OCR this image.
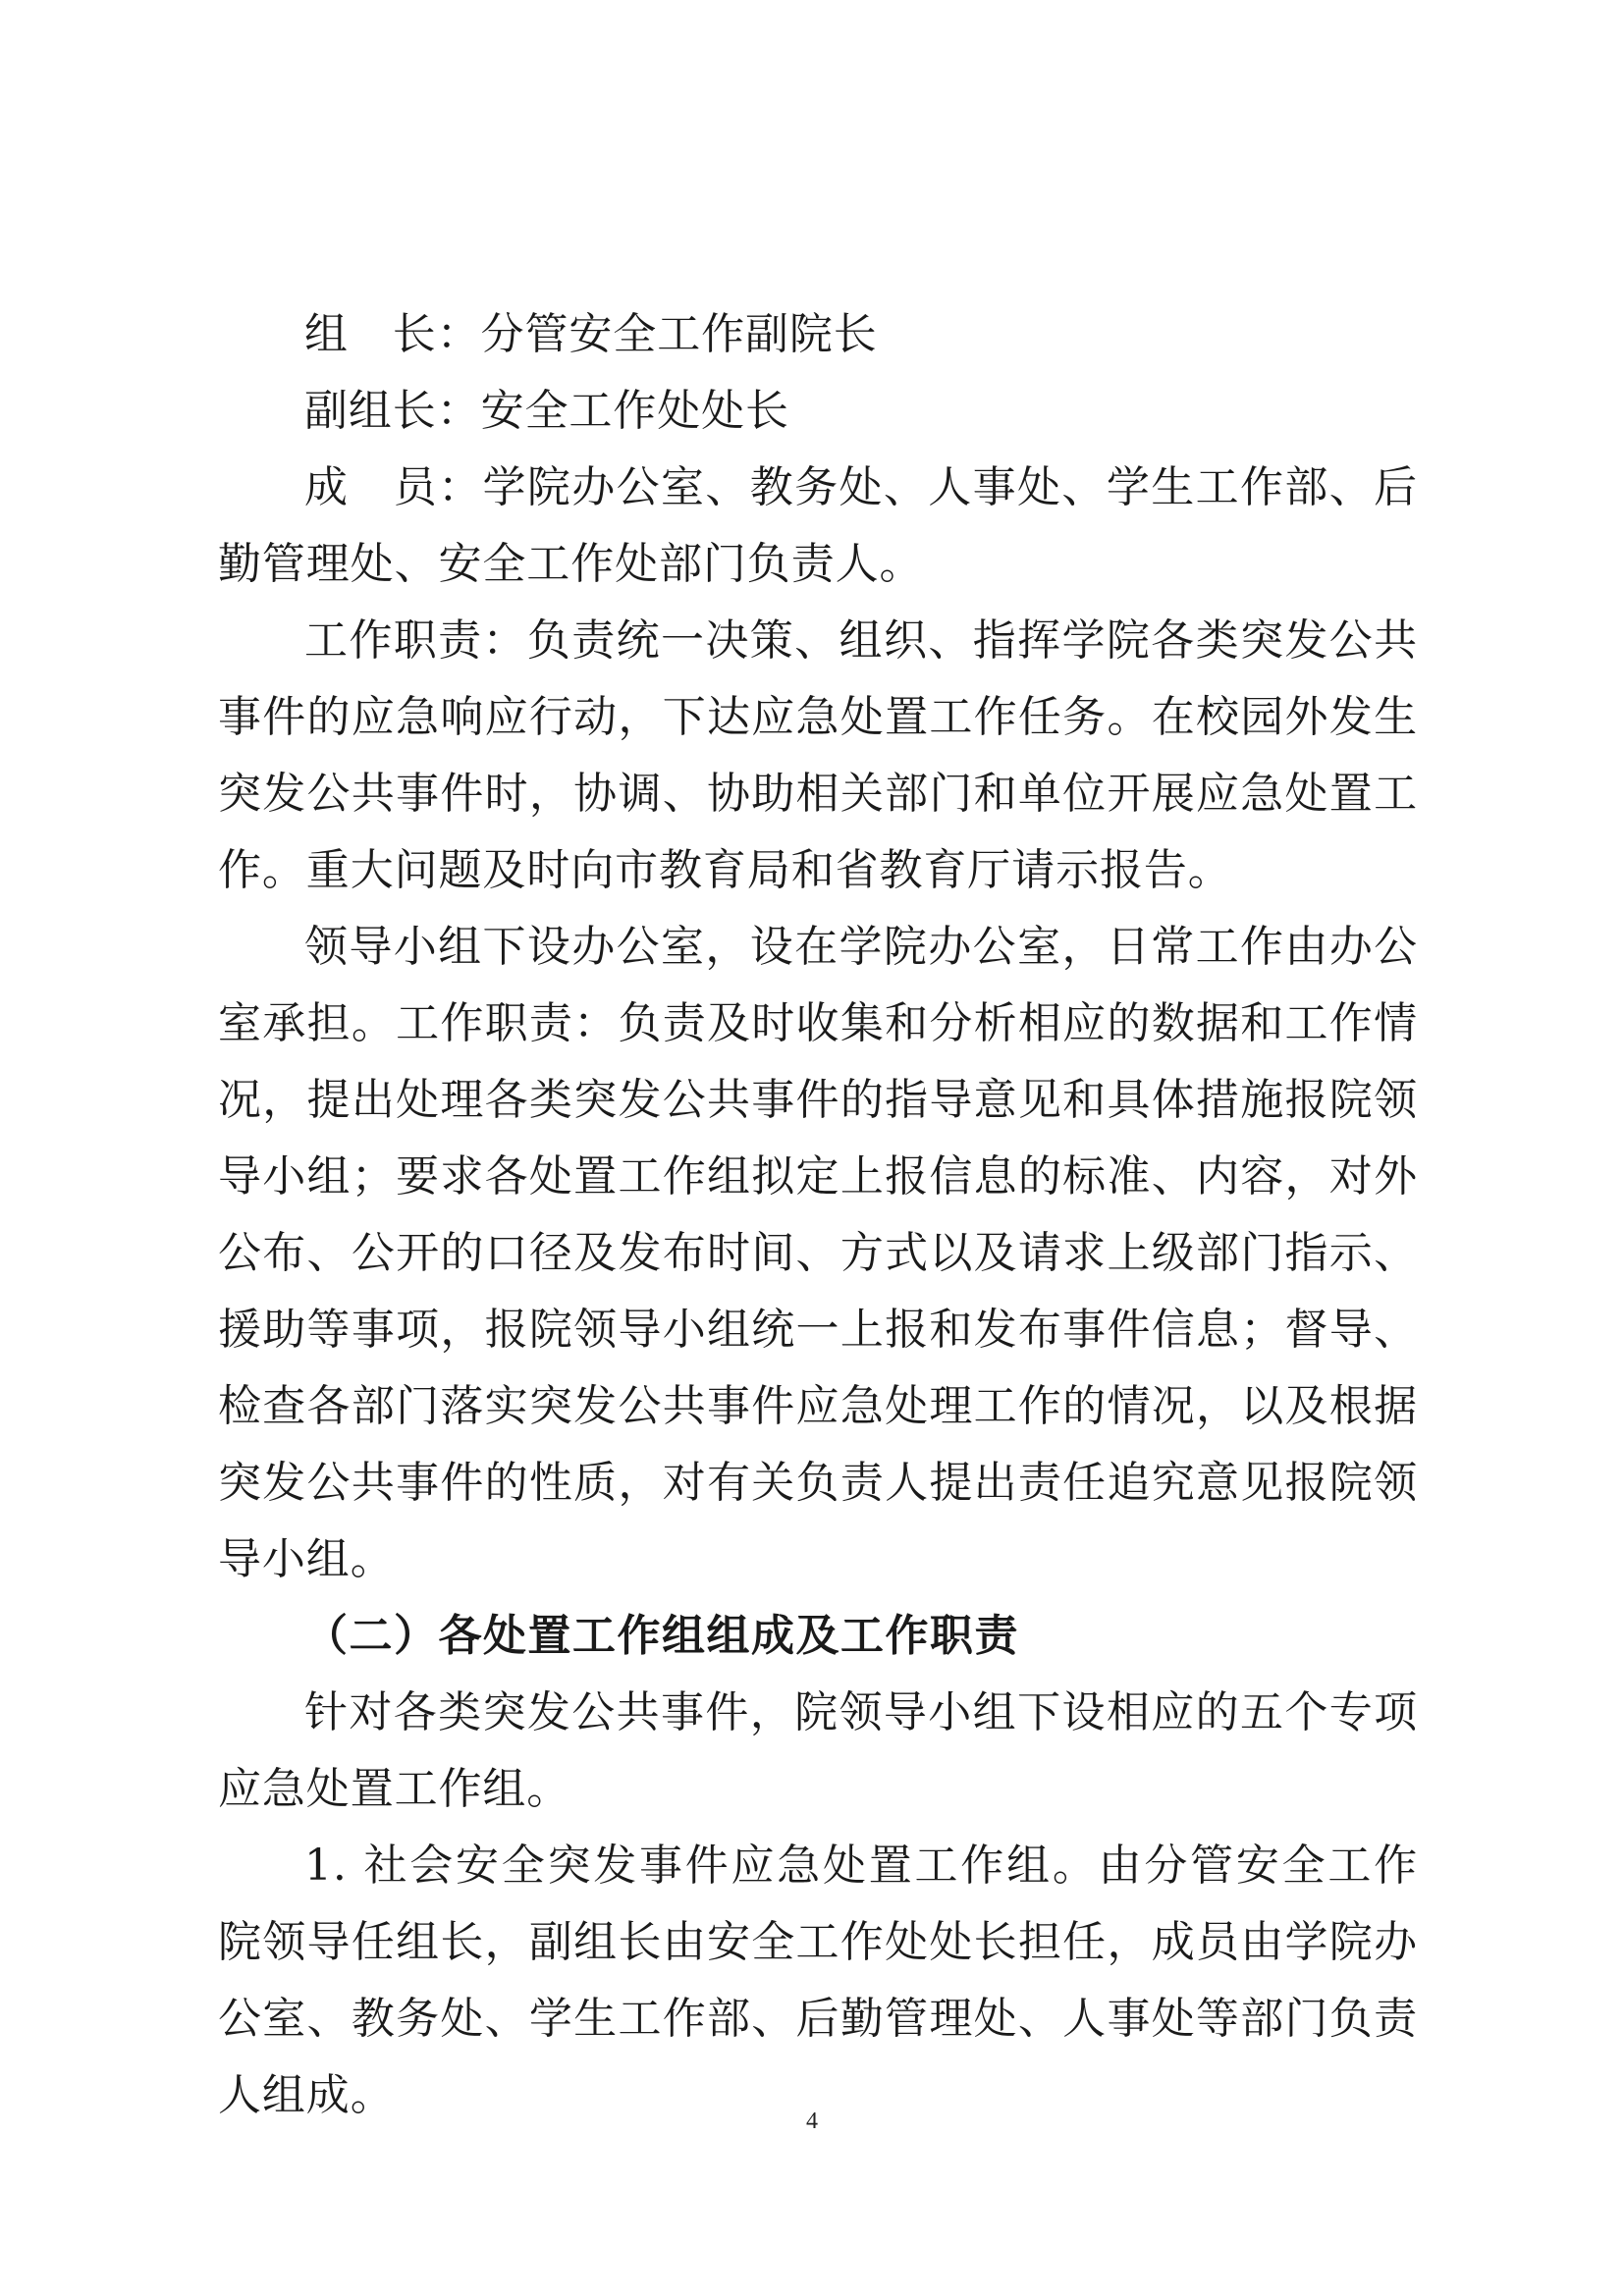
组　长：分管安全工作副院长

副组长：安全工作处处长

成　员：学院办公室、教务处、人事处、学生工作部、后勤管理处、安全工作处部门负责人。

工作职责：负责统一决策、组织、指挥学院各类突发公共事件的应急响应行动，下达应急处置工作任务。在校园外发生突发公共事件时，协调、协助相关部门和单位开展应急处置工作。重大问题及时向市教育局和省教育厅请示报告。

领导小组下设办公室，设在学院办公室，日常工作由办公室承担。工作职责：负责及时收集和分析相应的数据和工作情况，提出处理各类突发公共事件的指导意见和具体措施报院领导小组；要求各处置工作组拟定上报信息的标准、内容，对外公布、公开的口径及发布时间、方式以及请求上级部门指示、援助等事项，报院领导小组统一上报和发布事件信息；督导、检查各部门落实突发公共事件应急处理工作的情况，以及根据突发公共事件的性质，对有关负责人提出责任追究意见报院领导小组。

（二）各处置工作组组成及工作职责

针对各类突发公共事件，院领导小组下设相应的五个专项应急处置工作组。

1. 社会安全突发事件应急处置工作组。由分管安全工作院领导任组长，副组长由安全工作处处长担任，成员由学院办公室、教务处、学生工作部、后勤管理处、人事处等部门负责人组成。

4
